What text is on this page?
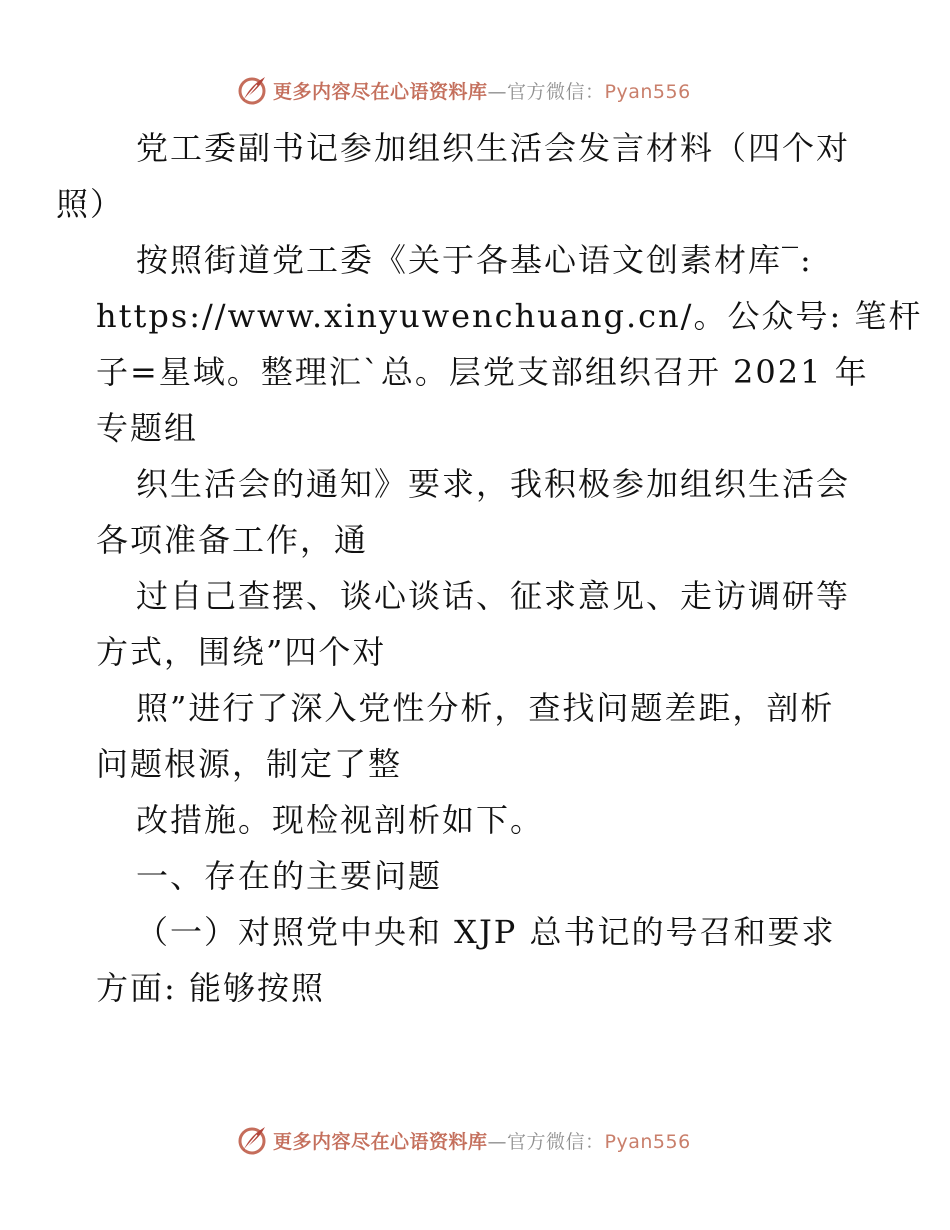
更多内容尽在心语资料库—官方微信：Pyan556

党工委副书记参加组织生活会发言材料（四个对
照）

按照街道党工委《关于各基心语文创素材库‾:
https://www.xinyuwenchuang.cn/。公众号: 笔杆
子=星域。整理汇`总。层党支部组织召开 2021 年
专题组

织生活会的通知》要求，我积极参加组织生活会
各项准备工作，通

过自己查摆、谈心谈话、征求意见、走访调研等
方式，围绕”四个对

照”进行了深入党性分析，查找问题差距，剖析
问题根源，制定了整

改措施。现检视剖析如下。

一、存在的主要问题

（一）对照党中央和 XJP 总书记的号召和要求
方面: 能够按照

更多内容尽在心语资料库—官方微信：Pyan556
